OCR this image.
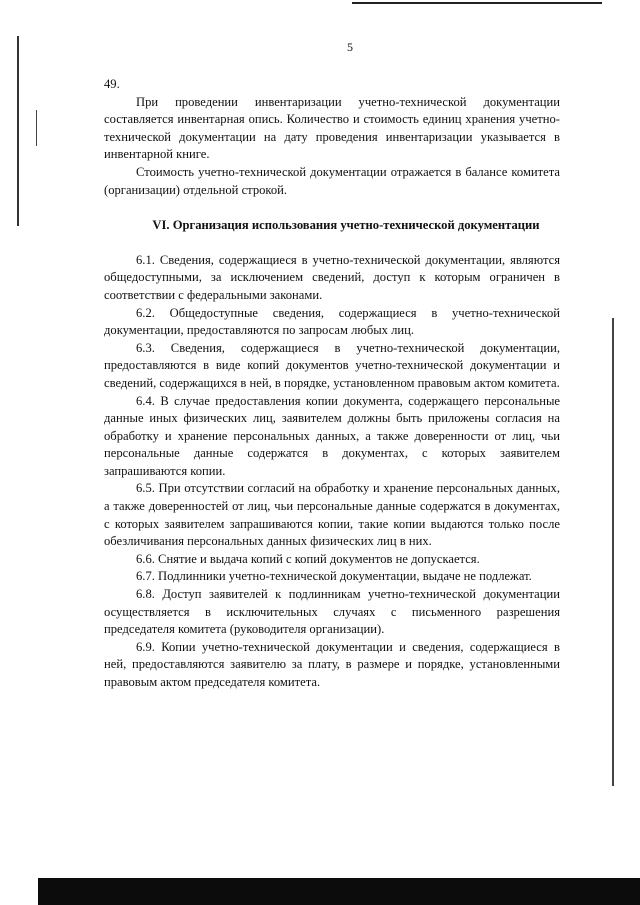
5

49.

При проведении инвентаризации учетно-технической документации составляется инвентарная опись. Количество и стоимость единиц хранения учетно-технической документации на дату проведения инвентаризации указывается в инвентарной книге.

Стоимость учетно-технической документации отражается в балансе комитета (организации) отдельной строкой.

VI. Организация использования учетно-технической документации

6.1. Сведения, содержащиеся в учетно-технической документации, являются общедоступными, за исключением сведений, доступ к которым ограничен в соответствии с федеральными законами.

6.2. Общедоступные сведения, содержащиеся в учетно-технической документации, предоставляются по запросам любых лиц.

6.3. Сведения, содержащиеся в учетно-технической документации, предоставляются в виде копий документов учетно-технической документации и сведений, содержащихся в ней, в порядке, установленном правовым актом комитета.

6.4. В случае предоставления копии документа, содержащего персональные данные иных физических лиц, заявителем должны быть приложены согласия на обработку и хранение персональных данных, а также доверенности от лиц, чьи персональные данные содержатся в документах, с которых заявителем запрашиваются копии.

6.5. При отсутствии согласий на обработку и хранение персональных данных, а также доверенностей от лиц, чьи персональные данные содержатся в документах, с которых заявителем запрашиваются копии, такие копии выдаются только после обезличивания персональных данных физических лиц в них.

6.6. Снятие и выдача копий с копий документов не допускается.

6.7. Подлинники учетно-технической документации, выдаче не подлежат.

6.8. Доступ заявителей к подлинникам учетно-технической документации осуществляется в исключительных случаях с письменного разрешения председателя комитета (руководителя организации).

6.9. Копии учетно-технической документации и сведения, содержащиеся в ней, предоставляются заявителю за плату, в размере и порядке, установленными правовым актом председателя комитета.
